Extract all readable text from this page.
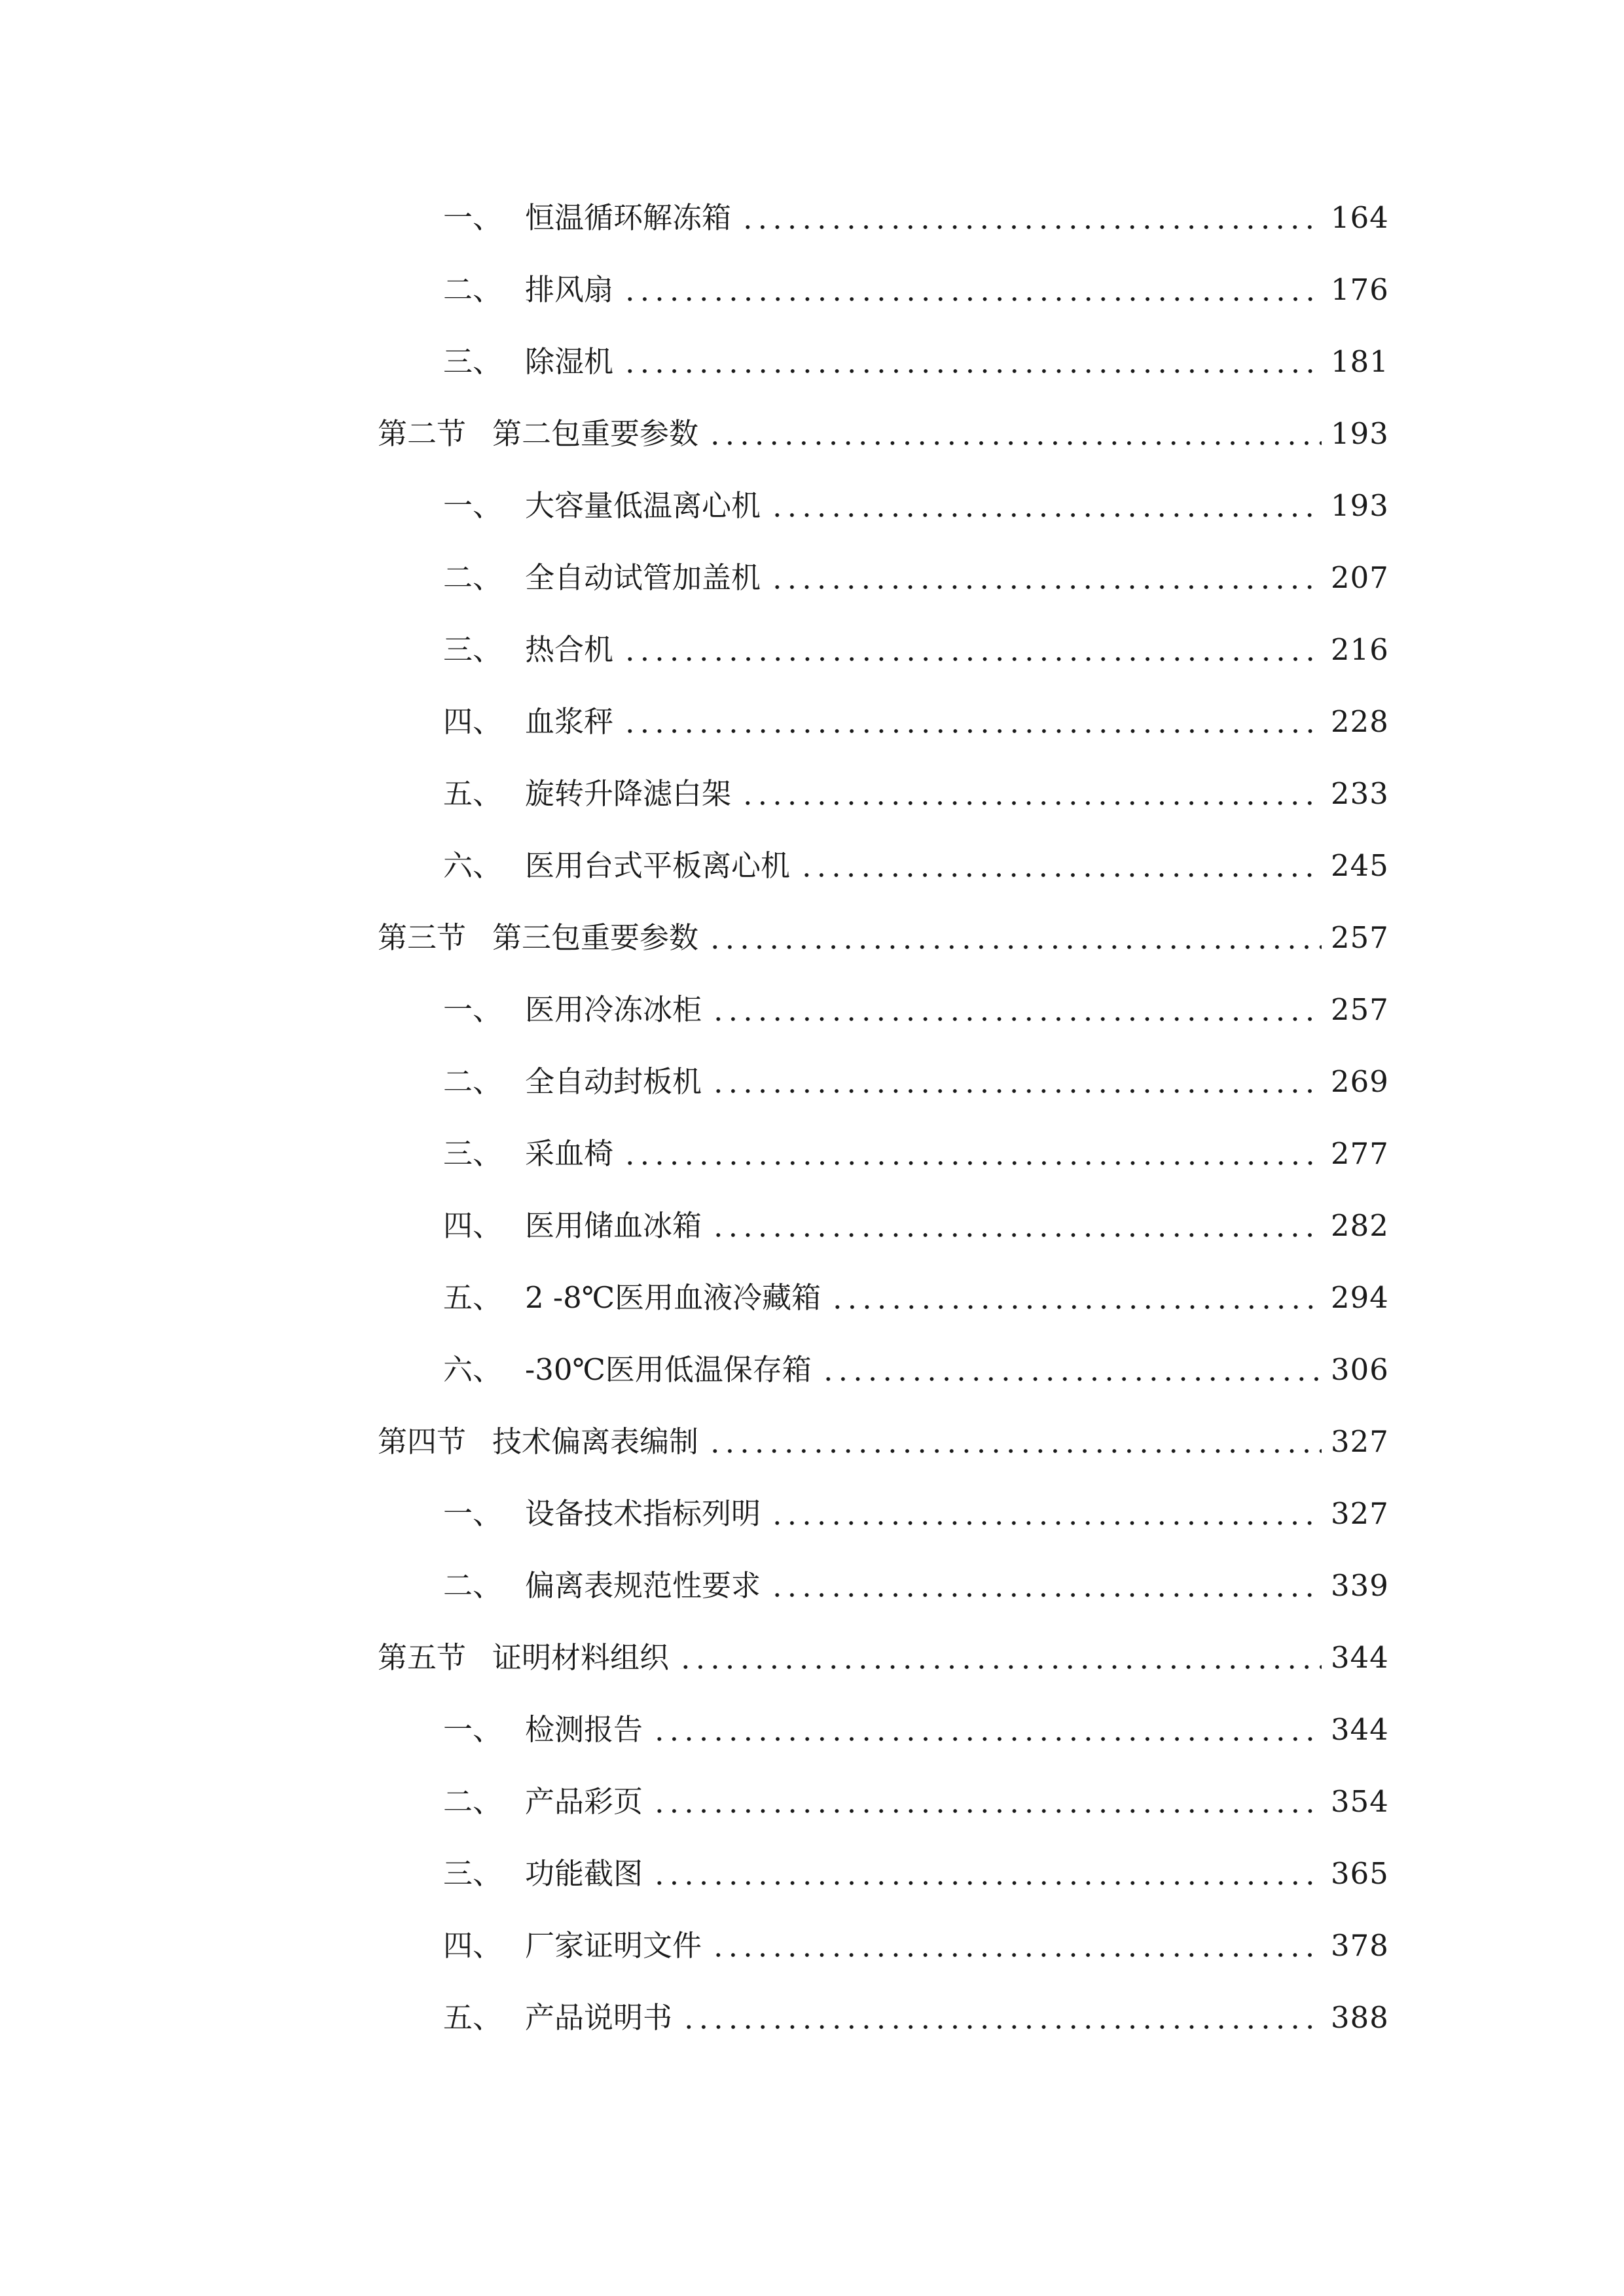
一、 恒温循环解冻箱	164
二、 排风扇	176
三、 除湿机	181
第二节 第二包重要参数	193
一、 大容量低温离心机	193
二、 全自动试管加盖机	207
三、 热合机	216
四、 血浆秤	228
五、 旋转升降滤白架	233
六、 医用台式平板离心机	245
第三节 第三包重要参数	257
一、 医用冷冻冰柜	257
二、 全自动封板机	269
三、 采血椅	277
四、 医用储血冰箱	282
五、 2 -8℃医用血液冷藏箱	294
六、 -30℃医用低温保存箱	306
第四节 技术偏离表编制	327
一、 设备技术指标列明	327
二、 偏离表规范性要求	339
第五节 证明材料组织	344
一、 检测报告	344
二、 产品彩页	354
三、 功能截图	365
四、 厂家证明文件	378
五、 产品说明书	388
